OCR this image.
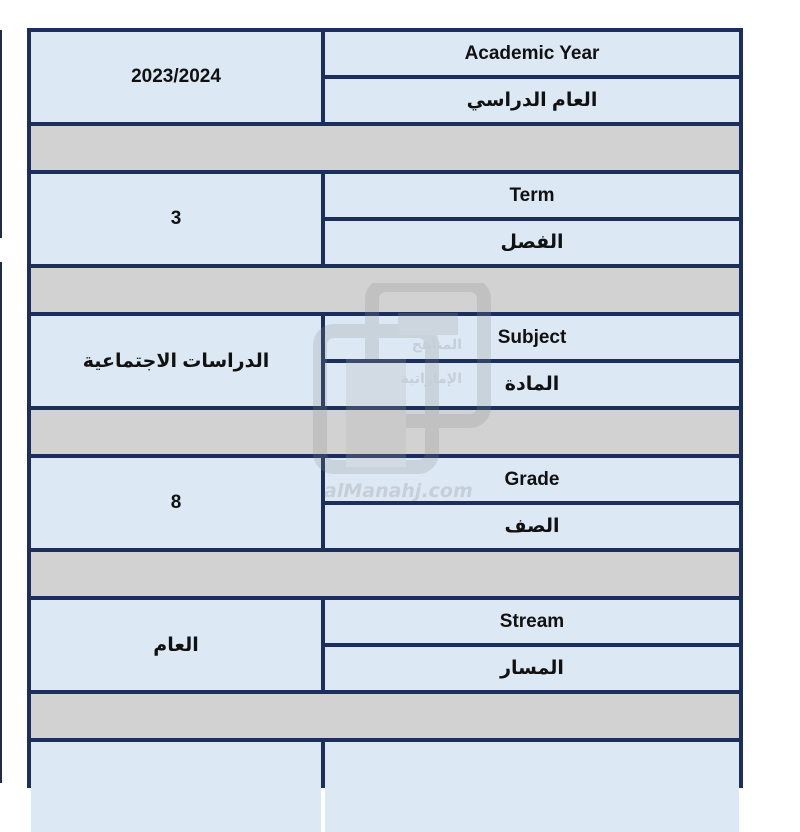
2023/2024
Academic Year
العام الدراسي
3
Term
الفصل
الدراسات الاجتماعية
Subject
المادة
8
Grade
الصف
العام
Stream
المسار
المناهج
الإماراتية
alManahj.com
